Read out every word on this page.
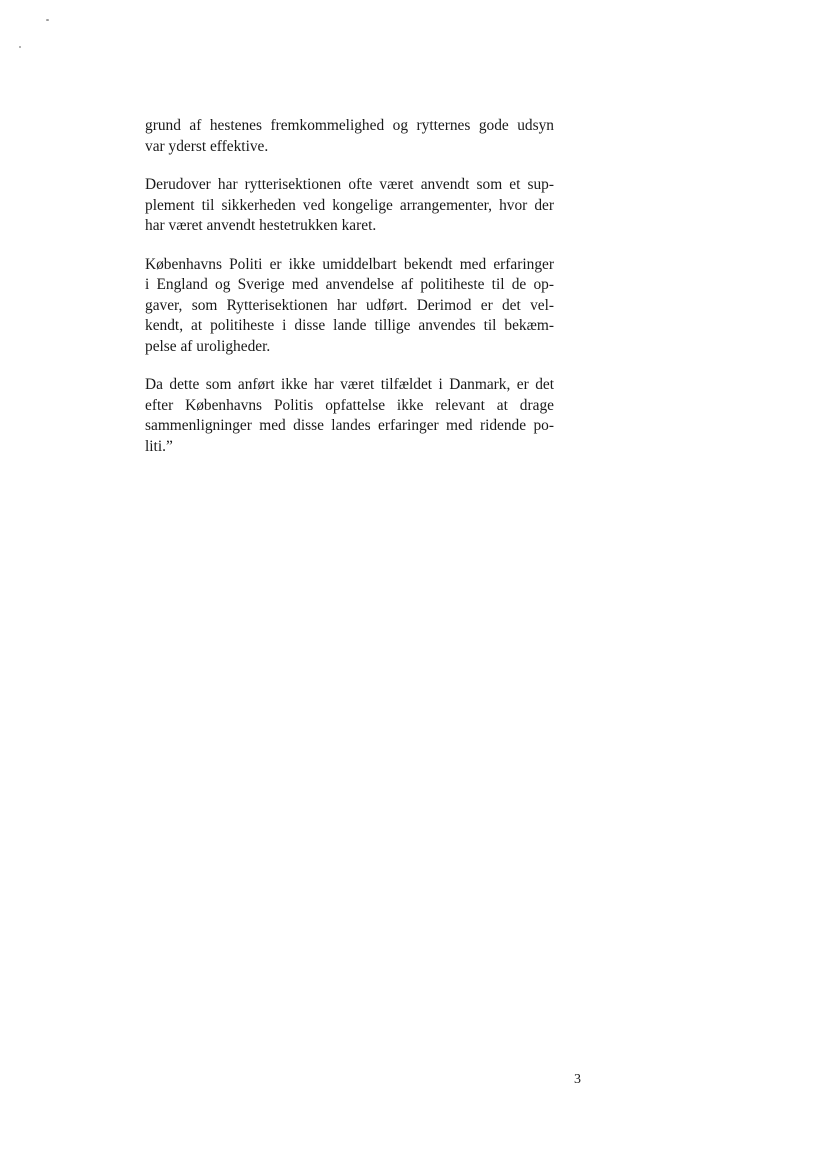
grund af hestenes fremkommelighed og rytternes gode udsyn
var yderst effektive.

Derudover har rytterisektionen ofte været anvendt som et sup-
plement til sikkerheden ved kongelige arrangementer, hvor der
har været anvendt hestetrukken karet.

Københavns Politi er ikke umiddelbart bekendt med erfaringer
i England og Sverige med anvendelse af politiheste til de op-
gaver, som Rytterisektionen har udført. Derimod er det vel-
kendt, at politiheste i disse lande tillige anvendes til bekæm-
pelse af uroligheder.

Da dette som anført ikke har været tilfældet i Danmark, er det
efter Københavns Politis opfattelse ikke relevant at drage
sammenligninger med disse landes erfaringer med ridende po-
liti.”

3
